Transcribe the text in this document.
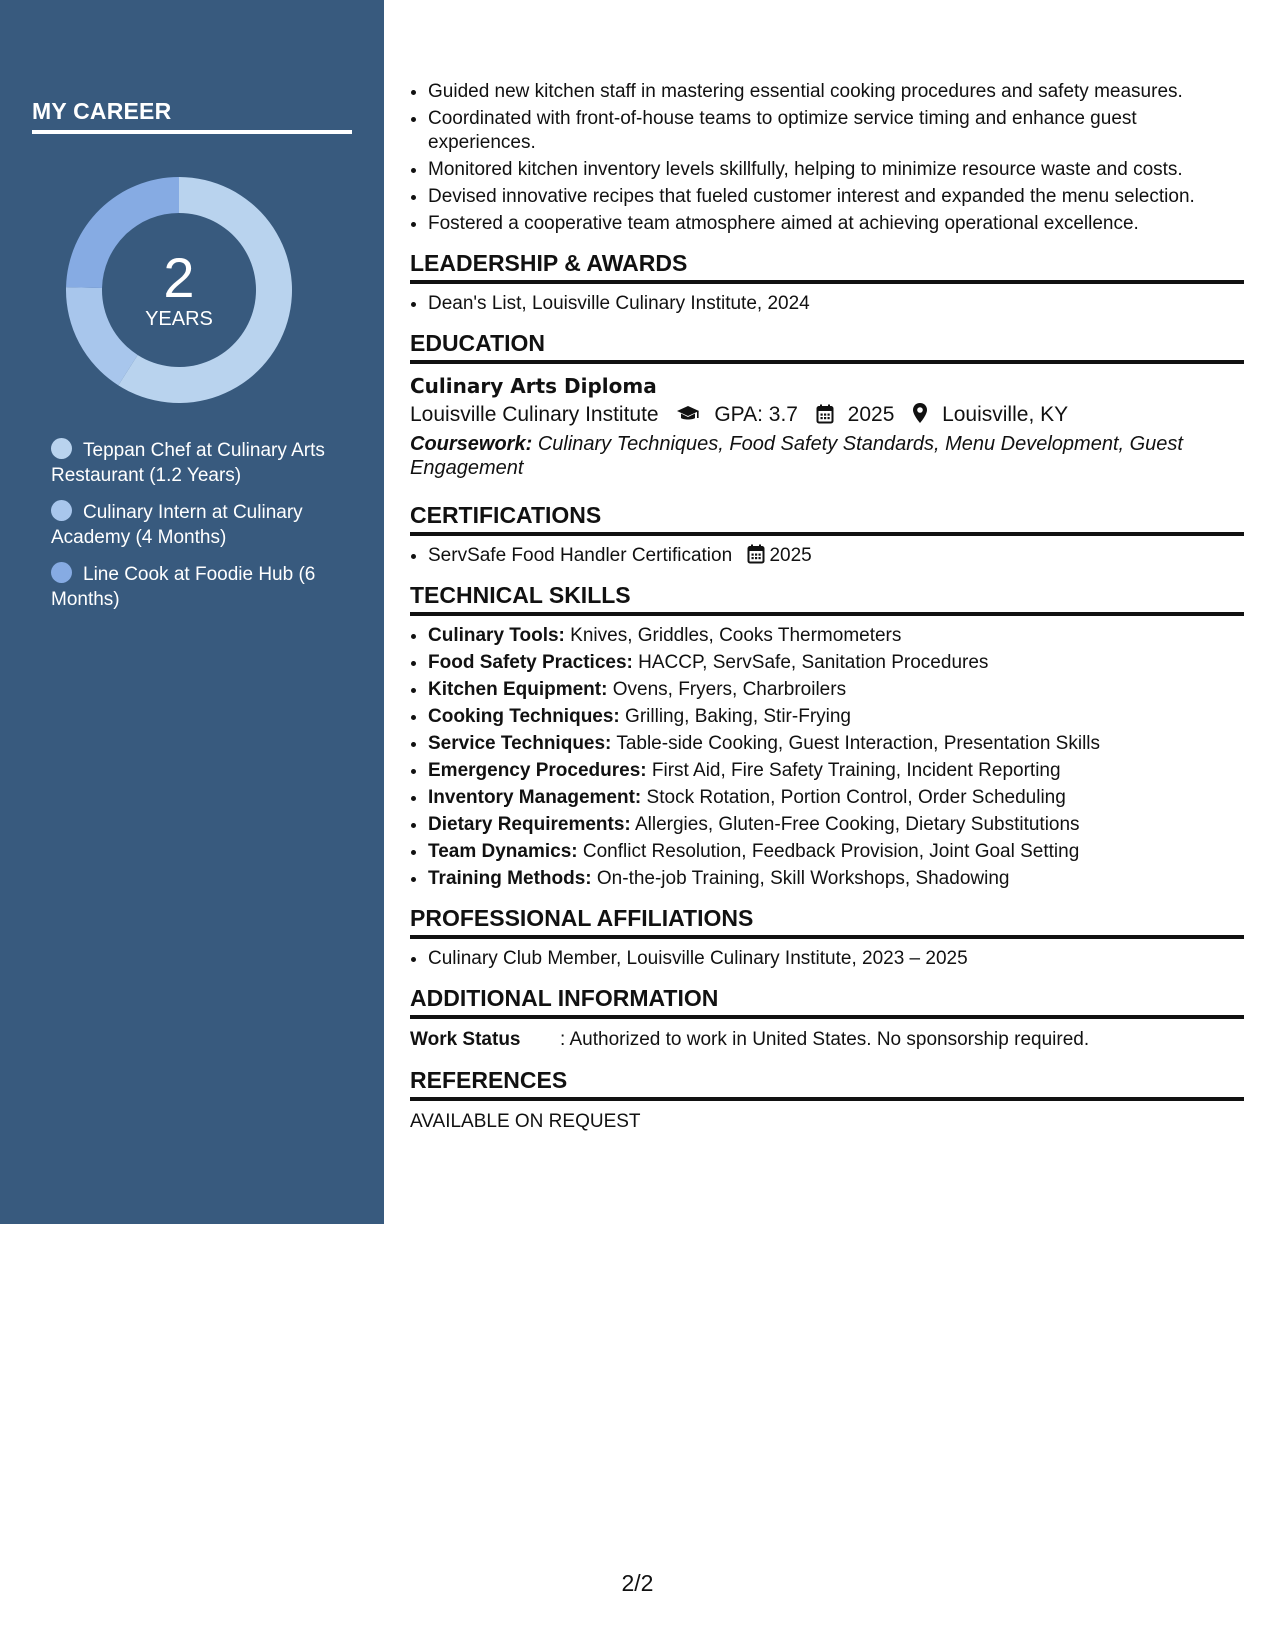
MY CAREER
2
YEARS
Teppan Chef at Culinary Arts Restaurant (1.2 Years)
Culinary Intern at Culinary Academy (4 Months)
Line Cook at Foodie Hub (6 Months)
• Guided new kitchen staff in mastering essential cooking procedures and safety measures.
• Coordinated with front-of-house teams to optimize service timing and enhance guest experiences.
• Monitored kitchen inventory levels skillfully, helping to minimize resource waste and costs.
• Devised innovative recipes that fueled customer interest and expanded the menu selection.
• Fostered a cooperative team atmosphere aimed at achieving operational excellence.
LEADERSHIP & AWARDS
• Dean's List, Louisville Culinary Institute, 2024
EDUCATION
Culinary Arts Diploma
Louisville Culinary Institute	GPA: 3.7 2025 Louisville, KY
Coursework: Culinary Techniques, Food Safety Standards, Menu Development, Guest Engagement
CERTIFICATIONS
• ServSafe Food Handler Certification 2025
TECHNICAL SKILLS
• Culinary Tools: Knives, Griddles, Cooks Thermometers
• Food Safety Practices: HACCP, ServSafe, Sanitation Procedures
• Kitchen Equipment: Ovens, Fryers, Charbroilers
• Cooking Techniques: Grilling, Baking, Stir-Frying
• Service Techniques: Table-side Cooking, Guest Interaction, Presentation Skills
• Emergency Procedures: First Aid, Fire Safety Training, Incident Reporting
• Inventory Management: Stock Rotation, Portion Control, Order Scheduling
• Dietary Requirements: Allergies, Gluten-Free Cooking, Dietary Substitutions
• Team Dynamics: Conflict Resolution, Feedback Provision, Joint Goal Setting
• Training Methods: On-the-job Training, Skill Workshops, Shadowing
PROFESSIONAL AFFILIATIONS
• Culinary Club Member, Louisville Culinary Institute, 2023 – 2025
ADDITIONAL INFORMATION
Work Status : Authorized to work in United States. No sponsorship required.
REFERENCES
AVAILABLE ON REQUEST
2/2
